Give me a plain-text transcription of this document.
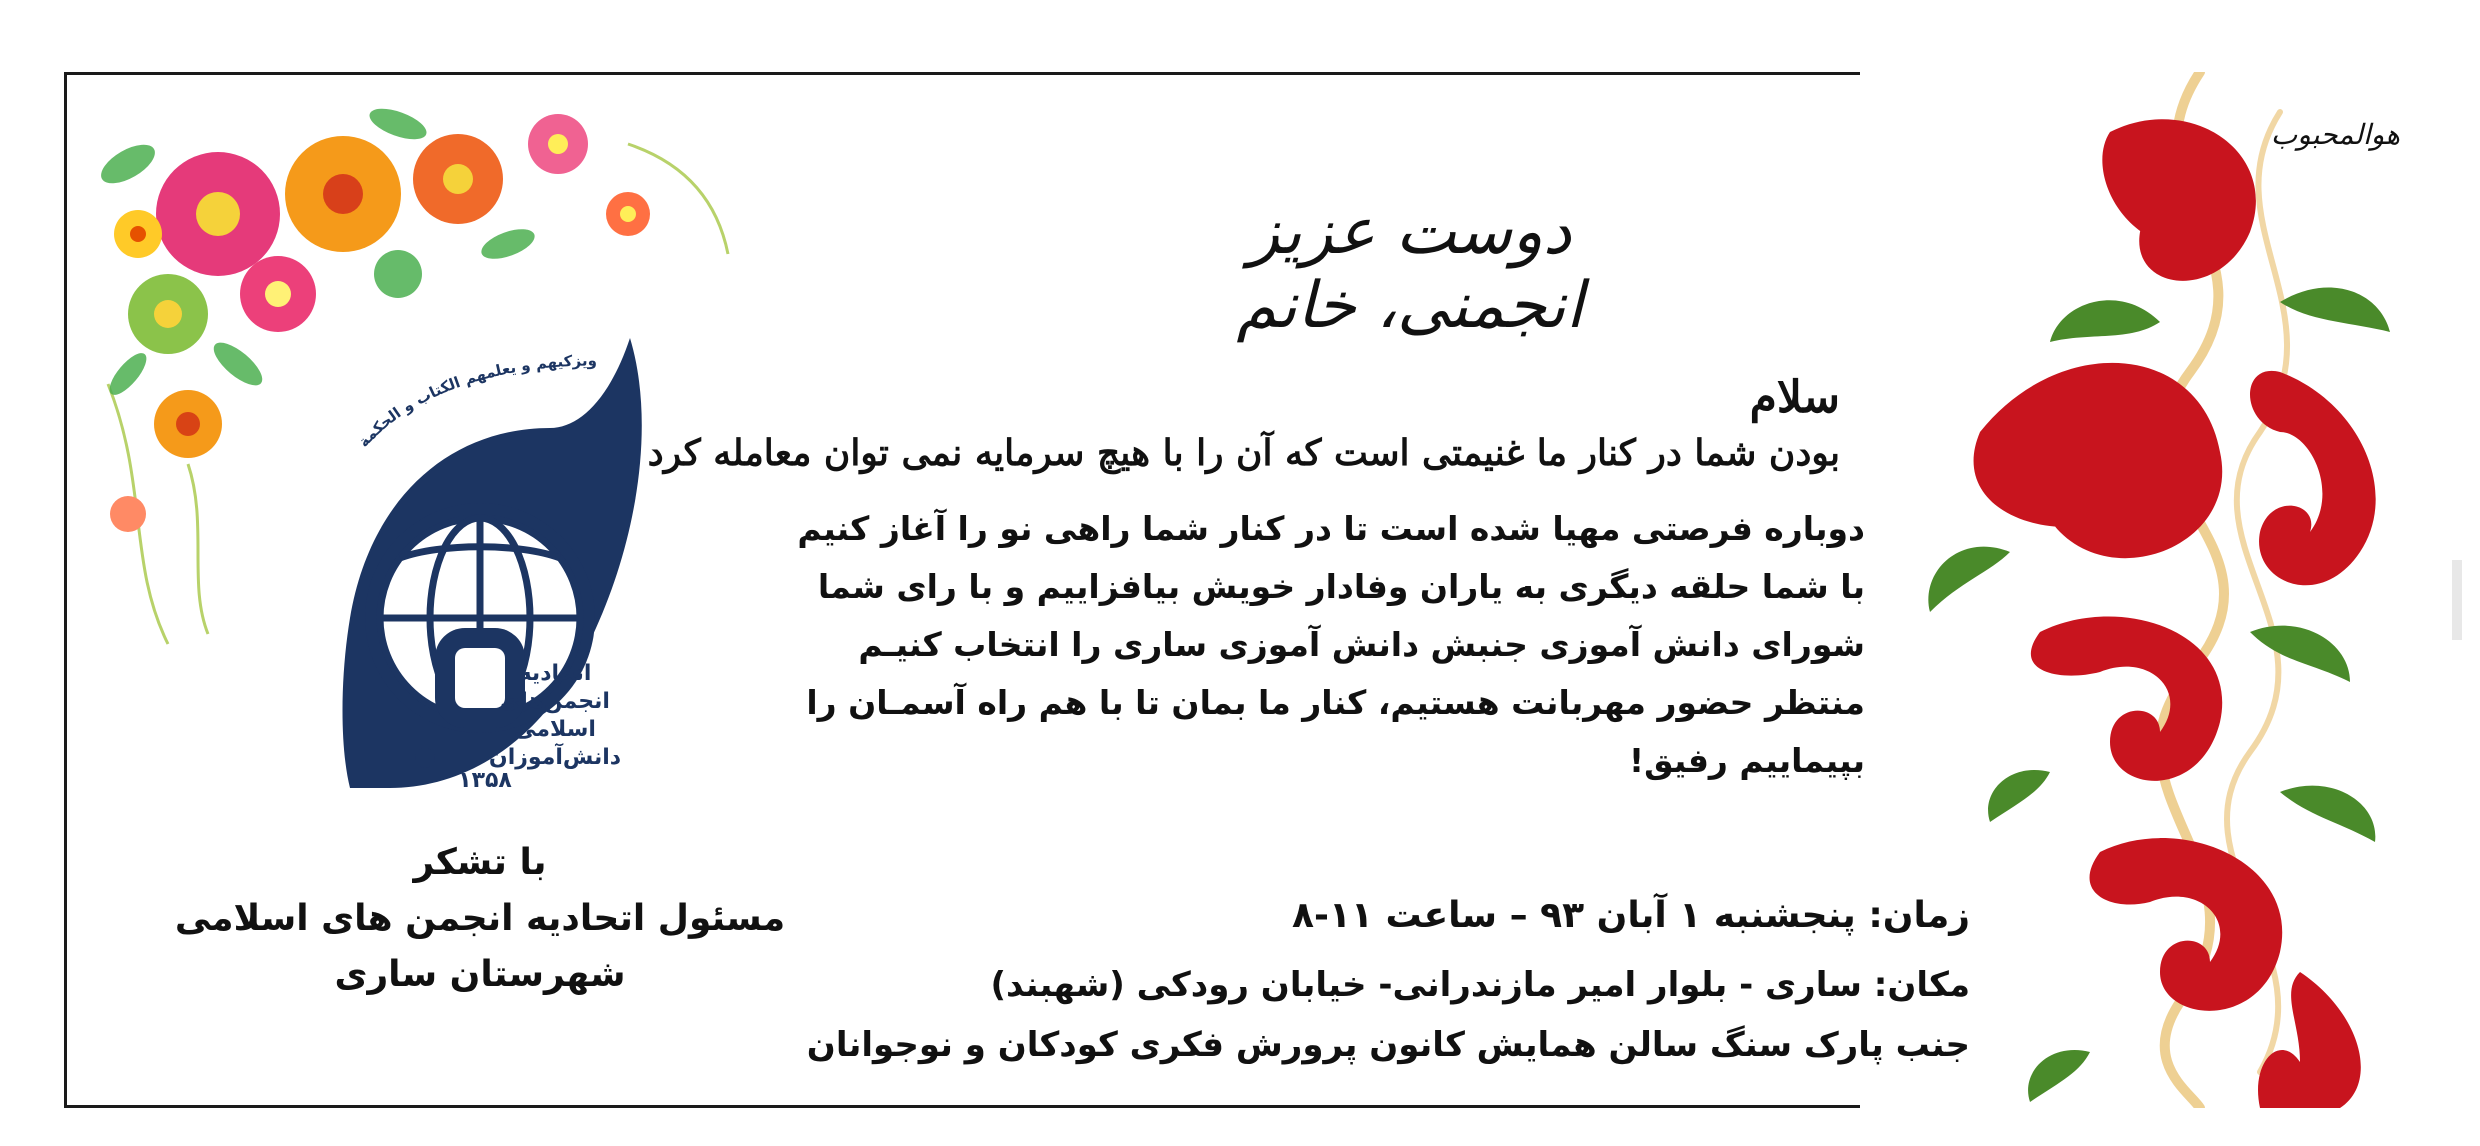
اتحادیه
انجمن‌های
اسلامی
دانش‌آموزان
۱۳۵۸
ویزکیهم و یعلمهم الکتاب و الحکمة
هوالمحبوب
دوست عزیز انجمنی، خانم
سلام
بودن شما در کنار ما غنیمتی است که آن را با هیچ سرمایه نمی توان معامله کرد
دوباره فرصتی مهیا شده است تا در کنار شما راهی نو را آغاز کنیم
با شما حلقه دیگری به یاران وفادار خویش بیافزاییم و با رای شما
شورای دانش آموزی جنبش دانش آموزی ساری را انتخاب کنیـم
منتظر حضور مهربانت هستیم، کنار ما بمان تا با هم راه آسمـان را
بپیماییم رفیق!
زمان: پنجشنبه ۱ آبان ۹۳ – ساعت ۱۱-۸
مکان: ساری - بلوار امیر مازندرانی- خیابان رودکی (شهبند)
جنب پارک سنگ سالن همایش کانون پرورش فکری کودکان و نوجوانان
با تشکر
مسئول اتحادیه انجمن های اسلامی
شهرستان ساری
